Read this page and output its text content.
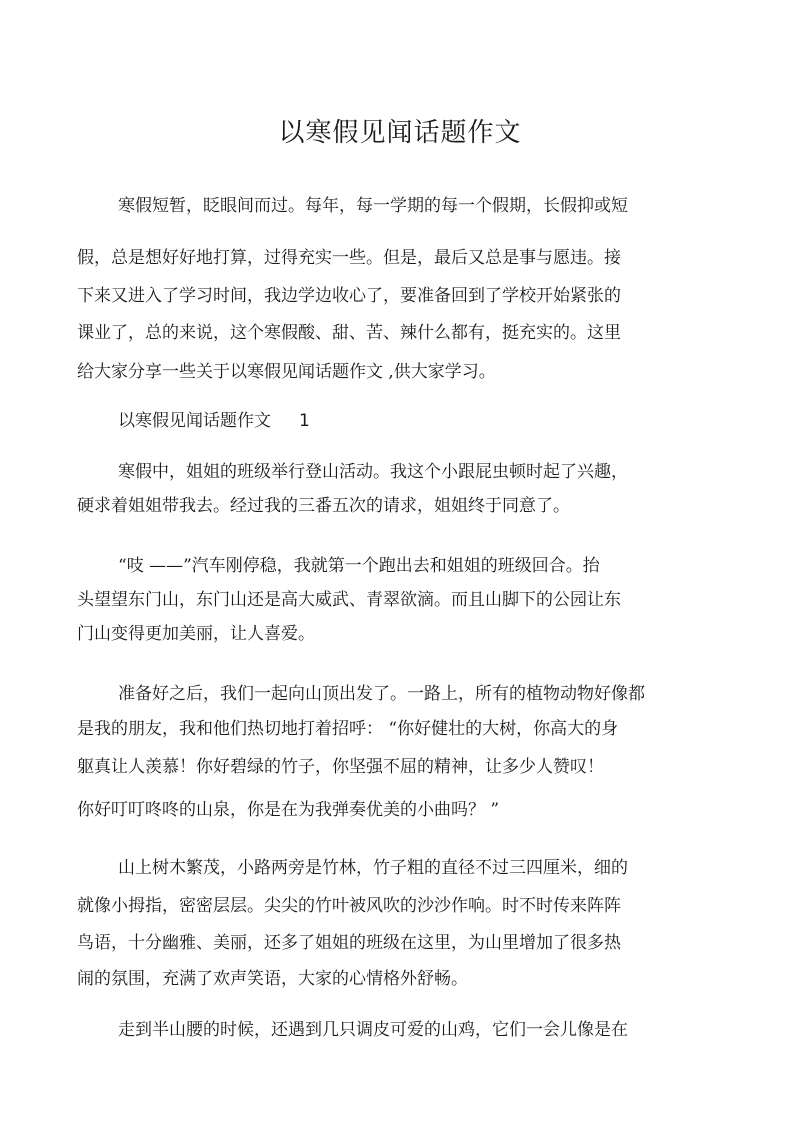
以寒假见闻话题作文
寒假短暂，眨眼间而过。每年，每一学期的每一个假期，长假抑或短
假，总是想好好地打算，过得充实一些。但是，最后又总是事与愿违。接
下来又进入了学习时间，我边学边收心了，要准备回到了学校开始紧张的
课业了，总的来说，这个寒假酸、甜、苦、辣什么都有，挺充实的。这里
给大家分享一些关于以寒假见闻话题作文 ,供大家学习。
以寒假见闻话题作文 1
寒假中，姐姐的班级举行登山活动。我这个小跟屁虫顿时起了兴趣，
硬求着姐姐带我去。经过我的三番五次的请求，姐姐终于同意了。
“吱 ——”汽车刚停稳，我就第一个跑出去和姐姐的班级回合。抬
头望望东门山，东门山还是高大威武、青翠欲滴。而且山脚下的公园让东
门山变得更加美丽，让人喜爱。
准备好之后，我们一起向山顶出发了。一路上，所有的植物动物好像都
是我的朋友，我和他们热切地打着招呼： “你好健壮的大树，你高大的身
躯真让人羡慕！你好碧绿的竹子，你坚强不屈的精神，让多少人赞叹！
你好叮叮咚咚的山泉，你是在为我弹奏优美的小曲吗？ ”
山上树木繁茂，小路两旁是竹林，竹子粗的直径不过三四厘米，细的
就像小拇指，密密层层。尖尖的竹叶被风吹的沙沙作响。时不时传来阵阵
鸟语，十分幽雅、美丽，还多了姐姐的班级在这里，为山里增加了很多热
闹的氛围，充满了欢声笑语，大家的心情格外舒畅。
走到半山腰的时候，还遇到几只调皮可爱的山鸡，它们一会儿像是在
